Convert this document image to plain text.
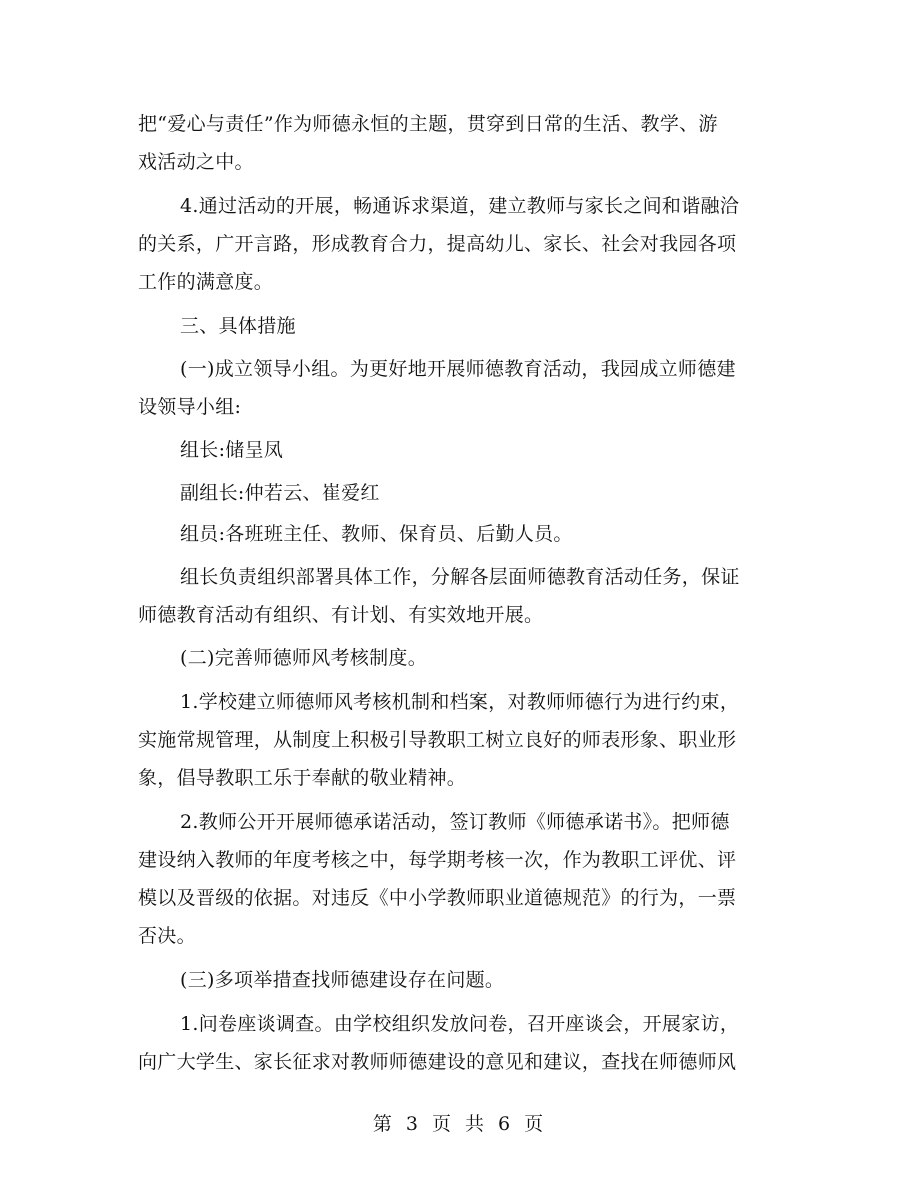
把“爱心与责任”作为师德永恒的主题，贯穿到日常的生活、教学、游
戏活动之中。
4.通过活动的开展，畅通诉求渠道，建立教师与家长之间和谐融洽
的关系，广开言路，形成教育合力，提高幼儿、家长、社会对我园各项
工作的满意度。
三、具体措施
(一)成立领导小组。为更好地开展师德教育活动，我园成立师德建
设领导小组:
组长:储呈凤
副组长:仲若云、崔爱红
组员:各班班主任、教师、保育员、后勤人员。
组长负责组织部署具体工作，分解各层面师德教育活动任务，保证
师德教育活动有组织、有计划、有实效地开展。
(二)完善师德师风考核制度。
1.学校建立师德师风考核机制和档案，对教师师德行为进行约束，
实施常规管理，从制度上积极引导教职工树立良好的师表形象、职业形
象，倡导教职工乐于奉献的敬业精神。
2.教师公开开展师德承诺活动，签订教师《师德承诺书》。把师德
建设纳入教师的年度考核之中，每学期考核一次，作为教职工评优、评
模以及晋级的依据。对违反《中小学教师职业道德规范》的行为，一票
否决。
(三)多项举措查找师德建设存在问题。
1.问卷座谈调查。由学校组织发放问卷，召开座谈会，开展家访，
向广大学生、家长征求对教师师德建设的意见和建议，查找在师德师风
第 3 页 共 6 页
